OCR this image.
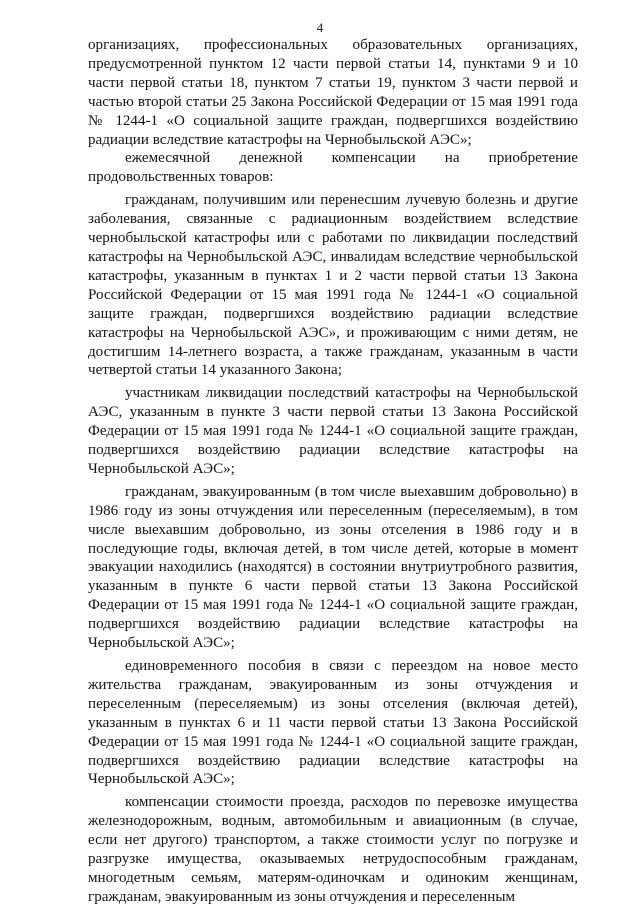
4

организациях, профессиональных образовательных организациях, предусмотренной пунктом 12 части первой статьи 14, пунктами 9 и 10 части первой статьи 18, пунктом 7 статьи 19, пунктом 3 части первой и частью второй статьи 25 Закона Российской Федерации от 15 мая 1991 года № 1244-1 «О социальной защите граждан, подвергшихся воздействию радиации вследствие катастрофы на Чернобыльской АЭС»;

ежемесячной денежной компенсации на приобретение продовольственных товаров:

гражданам, получившим или перенесшим лучевую болезнь и другие заболевания, связанные с радиационным воздействием вследствие чернобыльской катастрофы или с работами по ликвидации последствий катастрофы на Чернобыльской АЭС, инвалидам вследствие чернобыльской катастрофы, указанным в пунктах 1 и 2 части первой статьи 13 Закона Российской Федерации от 15 мая 1991 года № 1244-1 «О социальной защите граждан, подвергшихся воздействию радиации вследствие катастрофы на Чернобыльской АЭС», и проживающим с ними детям, не достигшим 14-летнего возраста, а также гражданам, указанным в части четвертой статьи 14 указанного Закона;

участникам ликвидации последствий катастрофы на Чернобыльской АЭС, указанным в пункте 3 части первой статьи 13 Закона Российской Федерации от 15 мая 1991 года № 1244-1 «О социальной защите граждан, подвергшихся воздействию радиации вследствие катастрофы на Чернобыльской АЭС»;

гражданам, эвакуированным (в том числе выехавшим добровольно) в 1986 году из зоны отчуждения или переселенным (переселяемым), в том числе выехавшим добровольно, из зоны отселения в 1986 году и в последующие годы, включая детей, в том числе детей, которые в момент эвакуации находились (находятся) в состоянии внутриутробного развития, указанным в пункте 6 части первой статьи 13 Закона Российской Федерации от 15 мая 1991 года № 1244-1 «О социальной защите граждан, подвергшихся воздействию радиации вследствие катастрофы на Чернобыльской АЭС»;

единовременного пособия в связи с переездом на новое место жительства гражданам, эвакуированным из зоны отчуждения и переселенным (переселяемым) из зоны отселения (включая детей), указанным в пунктах 6 и 11 части первой статьи 13 Закона Российской Федерации от 15 мая 1991 года № 1244-1 «О социальной защите граждан, подвергшихся воздействию радиации вследствие катастрофы на Чернобыльской АЭС»;

компенсации стоимости проезда, расходов по перевозке имущества железнодорожным, водным, автомобильным и авиационным (в случае, если нет другого) транспортом, а также стоимости услуг по погрузке и разгрузке имущества, оказываемых нетрудоспособным гражданам, многодетным семьям, матерям-одиночкам и одиноким женщинам, гражданам, эвакуированным из зоны отчуждения и переселенным
